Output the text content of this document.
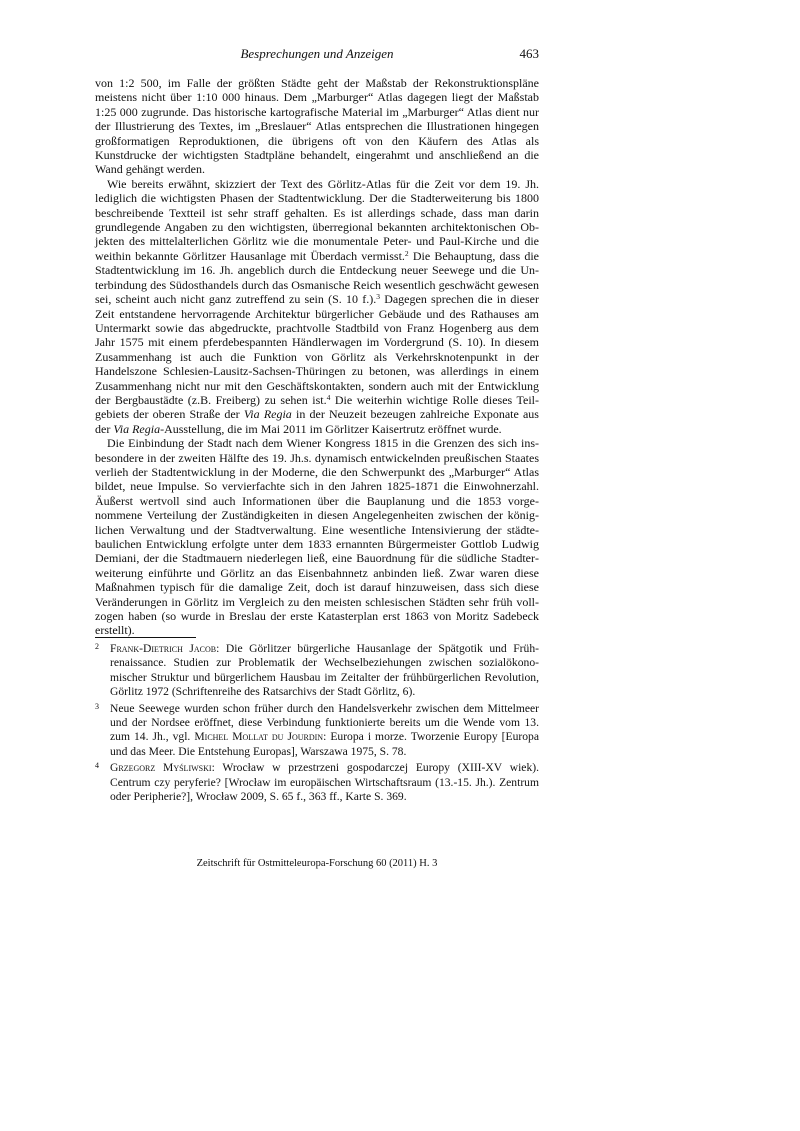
Besprechungen und Anzeigen	463

von 1:2 500, im Falle der größten Städte geht der Maßstab der Rekonstruktionspläne meistens nicht über 1:10 000 hinaus. Dem „Marburger“ Atlas dagegen liegt der Maßstab 1:25 000 zugrunde. Das historische kartografische Material im „Marburger“ Atlas dient nur der Illustrierung des Textes, im „Breslauer“ Atlas entsprechen die Illustrationen hingegen großformatigen Reproduktionen, die übrigens oft von den Käufern des Atlas als Kunstdrucke der wichtigsten Stadtpläne behandelt, eingerahmt und anschließend an die Wand gehängt werden.

Wie bereits erwähnt, skizziert der Text des Görlitz-Atlas für die Zeit vor dem 19. Jh. lediglich die wichtigsten Phasen der Stadtentwicklung. Der die Stadterweiterung bis 1800 beschreibende Textteil ist sehr straff gehalten. Es ist allerdings schade, dass man darin grundlegende Angaben zu den wichtigsten, überregional bekannten architektonischen Objekten des mittelalterlichen Görlitz wie die monumentale Peter- und Paul-Kirche und die weithin bekannte Görlitzer Hausanlage mit Überdach vermisst.$^2$ Die Behauptung, dass die Stadtentwicklung im 16. Jh. angeblich durch die Entdeckung neuer Seewege und die Unterbindung des Südosthandels durch das Osmanische Reich wesentlich geschwächt gewesen sei, scheint auch nicht ganz zutreffend zu sein (S. 10 f.).$^3$ Dagegen sprechen die in dieser Zeit entstandene hervorragende Architektur bürgerlicher Gebäude und des Rathauses am Untermarkt sowie das abgedruckte, prachtvolle Stadtbild von Franz Hogenberg aus dem Jahr 1575 mit einem pferdebespannten Händlerwagen im Vordergrund (S. 10). In diesem Zusammenhang ist auch die Funktion von Görlitz als Verkehrsknotenpunkt in der Handelszone Schlesien-Lausitz-Sachsen-Thüringen zu betonen, was allerdings in einem Zusammenhang nicht nur mit den Geschäftskontakten, sondern auch mit der Entwicklung der Bergbaustädte (z.B. Freiberg) zu sehen ist.$^4$ Die weiterhin wichtige Rolle dieses Teilgebiets der oberen Straße der Via Regia in der Neuzeit bezeugen zahlreiche Exponate aus der Via Regia-Ausstellung, die im Mai 2011 im Görlitzer Kaisertrutz eröffnet wurde.

Die Einbindung der Stadt nach dem Wiener Kongress 1815 in die Grenzen des sich insbesondere in der zweiten Hälfte des 19. Jh.s. dynamisch entwickelnden preußischen Staates verlieh der Stadtentwicklung in der Moderne, die den Schwerpunkt des „Marburger“ Atlas bildet, neue Impulse. So vervierfachte sich in den Jahren 1825-1871 die Einwohnerzahl. Äußerst wertvoll sind auch Informationen über die Bauplanung und die 1853 vorgenommene Verteilung der Zuständigkeiten in diesen Angelegenheiten zwischen der königlichen Verwaltung und der Stadtverwaltung. Eine wesentliche Intensivierung der städtebaulichen Entwicklung erfolgte unter dem 1833 ernannten Bürgermeister Gottlob Ludwig Demiani, der die Stadtmauern niederlegen ließ, eine Bauordnung für die südliche Stadterweiterung einführte und Görlitz an das Eisenbahnnetz anbinden ließ. Zwar waren diese Maßnahmen typisch für die damalige Zeit, doch ist darauf hinzuweisen, dass sich diese Veränderungen in Görlitz im Vergleich zu den meisten schlesischen Städten sehr früh vollzogen haben (so wurde in Breslau der erste Katasterplan erst 1863 von Moritz Sadebeck erstellt).

2 Frank-Dietrich Jacob: Die Görlitzer bürgerliche Hausanlage der Spätgotik und Frührenaissance. Studien zur Problematik der Wechselbeziehungen zwischen sozialökonomischer Struktur und bürgerlichem Hausbau im Zeitalter der frühbürgerlichen Revolution, Görlitz 1972 (Schriftenreihe des Ratsarchivs der Stadt Görlitz, 6).
3 Neue Seewege wurden schon früher durch den Handelsverkehr zwischen dem Mittelmeer und der Nordsee eröffnet, diese Verbindung funktionierte bereits um die Wende vom 13. zum 14. Jh., vgl. Michel Mollat du Jourdin: Europa i morze. Tworzenie Europy [Europa und das Meer. Die Entstehung Europas], Warszawa 1975, S. 78.
4 Grzegorz Myśliwski: Wrocław w przestrzeni gospodarczej Europy (XIII-XV wiek). Centrum czy peryferie? [Wrocław im europäischen Wirtschaftsraum (13.-15. Jh.). Zentrum oder Peripherie?], Wrocław 2009, S. 65 f., 363 ff., Karte S. 369.
Zeitschrift für Ostmitteleuropa-Forschung 60 (2011) H. 3
